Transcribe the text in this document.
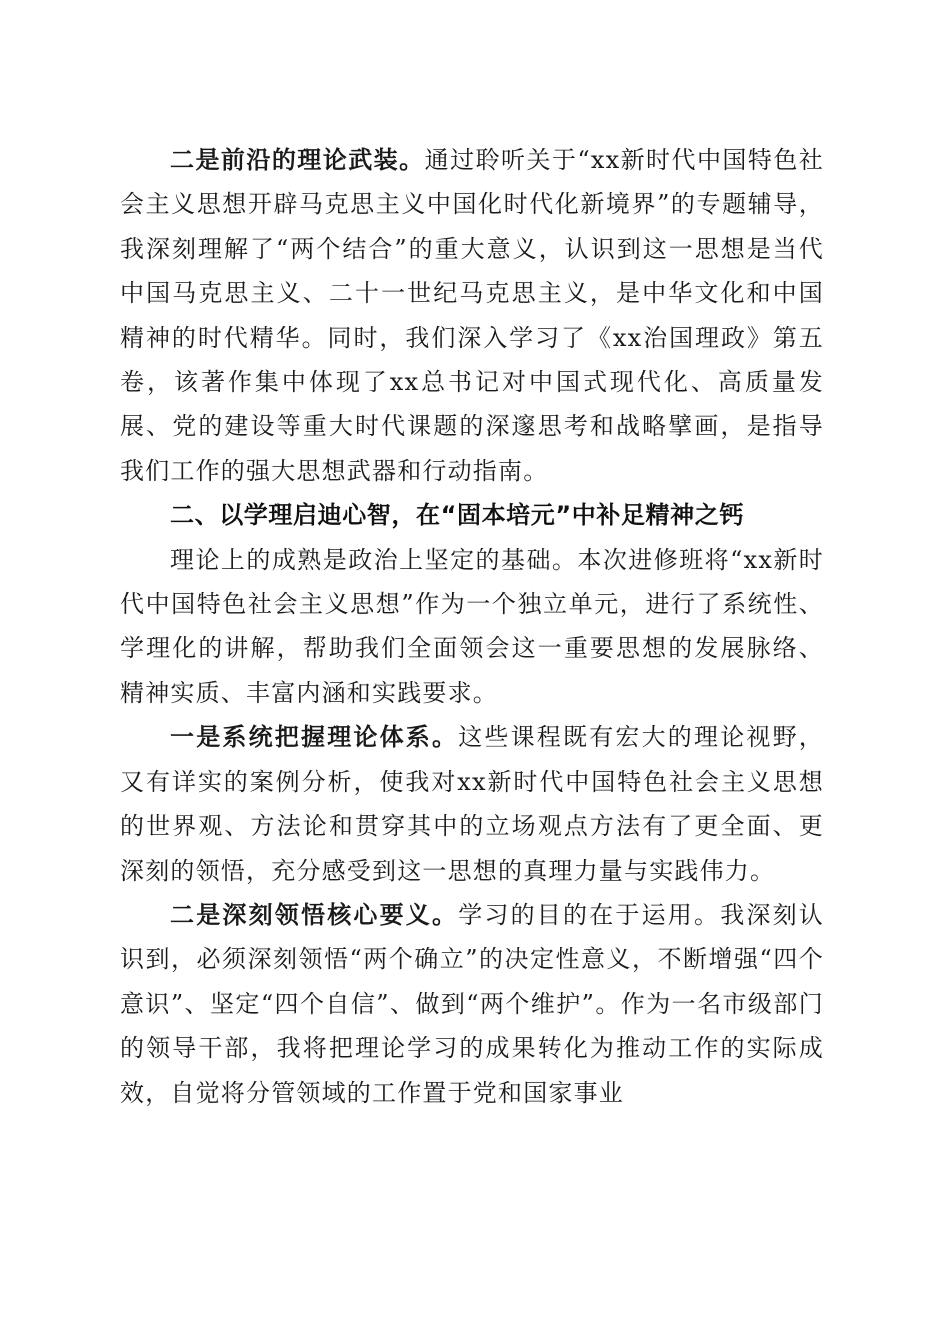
二是前沿的理论武装。通过聆听关于“xx新时代中国特色社会主义思想开辟马克思主义中国化时代化新境界”的专题辅导，我深刻理解了“两个结合”的重大意义，认识到这一思想是当代中国马克思主义、二十一世纪马克思主义，是中华文化和中国精神的时代精华。同时，我们深入学习了《xx治国理政》第五卷，该著作集中体现了xx总书记对中国式现代化、高质量发展、党的建设等重大时代课题的深邃思考和战略擘画，是指导我们工作的强大思想武器和行动指南。

二、以学理启迪心智，在“固本培元”中补足精神之钙

理论上的成熟是政治上坚定的基础。本次进修班将“xx新时代中国特色社会主义思想”作为一个独立单元，进行了系统性、学理化的讲解，帮助我们全面领会这一重要思想的发展脉络、精神实质、丰富内涵和实践要求。

一是系统把握理论体系。这些课程既有宏大的理论视野，又有详实的案例分析，使我对xx新时代中国特色社会主义思想的世界观、方法论和贯穿其中的立场观点方法有了更全面、更深刻的领悟，充分感受到这一思想的真理力量与实践伟力。

二是深刻领悟核心要义。学习的目的在于运用。我深刻认识到，必须深刻领悟“两个确立”的决定性意义，不断增强“四个意识”、坚定“四个自信”、做到“两个维护”。作为一名市级部门的领导干部，我将把理论学习的成果转化为推动工作的实际成效，自觉将分管领域的工作置于党和国家事业
